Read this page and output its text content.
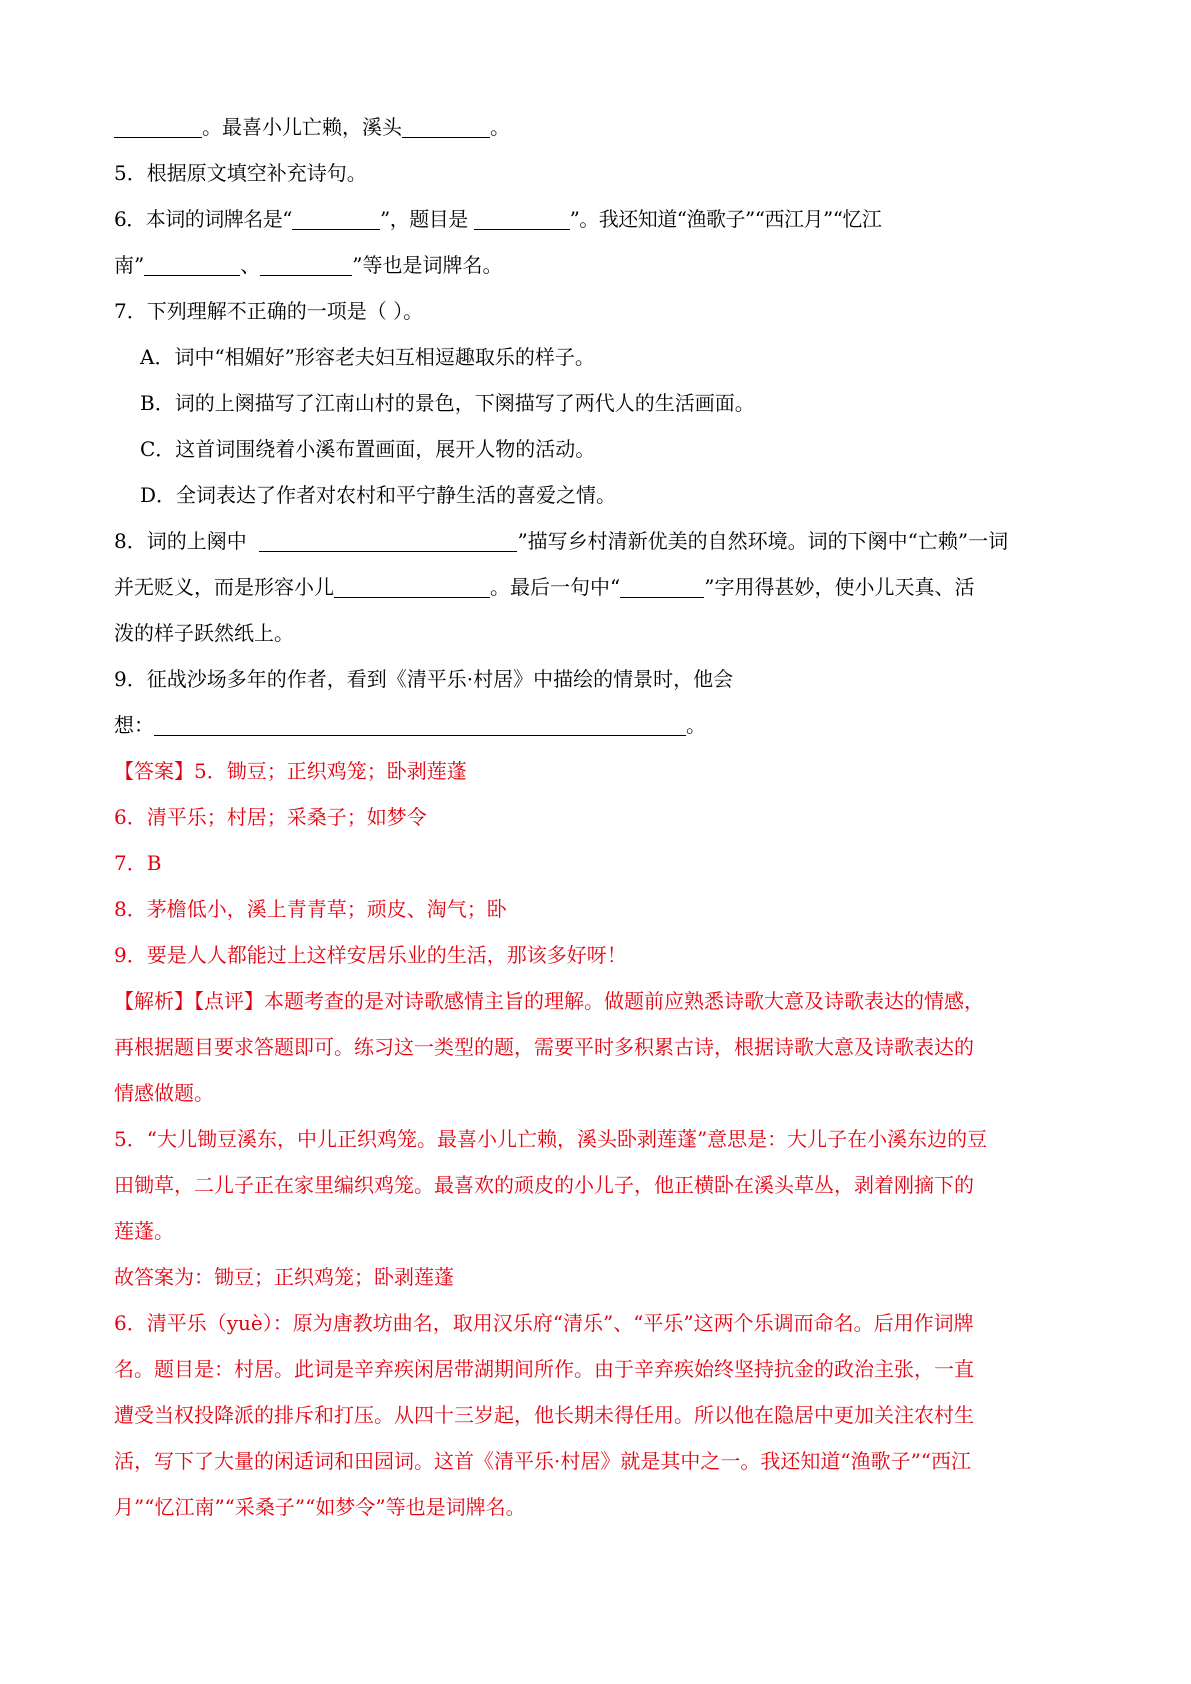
。最喜小儿亡赖，溪头	。
5．根据原文填空补充诗句。
6．本词的词牌名是“	”，题目是	”。我还知道“渔歌子”“西江月”“忆江
南”	、	”等也是词牌名。
7．下列理解不正确的一项是（ ）。
A．词中“相媚好”形容老夫妇互相逗趣取乐的样子。
B．词的上阕描写了江南山村的景色，下阕描写了两代人的生活画面。
C．这首词围绕着小溪布置画面，展开人物的活动。
D．全词表达了作者对农村和平宁静生活的喜爱之情。
8．词的上阕中	”描写乡村清新优美的自然环境。词的下阕中“亡赖”一词
并无贬义，而是形容小儿	。最后一句中“	”字用得甚妙，使小儿天真、活
泼的样子跃然纸上。
9．征战沙场多年的作者，看到《清平乐·村居》中描绘的情景时，他会
想：	。
【答案】5．锄豆；正织鸡笼；卧剥莲蓬
6．清平乐；村居；采桑子；如梦令
7．B
8．茅檐低小，溪上青青草；顽皮、淘气；卧
9．要是人人都能过上这样安居乐业的生活，那该多好呀！
【解析】【点评】本题考查的是对诗歌感情主旨的理解。做题前应熟悉诗歌大意及诗歌表达的情感，
再根据题目要求答题即可。练习这一类型的题，需要平时多积累古诗，根据诗歌大意及诗歌表达的
情感做题。
5．“大儿锄豆溪东，中儿正织鸡笼。最喜小儿亡赖，溪头卧剥莲蓬”意思是：大儿子在小溪东边的豆
田锄草，二儿子正在家里编织鸡笼。最喜欢的顽皮的小儿子，他正横卧在溪头草丛，剥着刚摘下的
莲蓬。
故答案为：锄豆；正织鸡笼；卧剥莲蓬
6．清平乐（yuè）：原为唐教坊曲名，取用汉乐府“清乐”、“平乐”这两个乐调而命名。后用作词牌
名。题目是：村居。此词是辛弃疾闲居带湖期间所作。由于辛弃疾始终坚持抗金的政治主张，一直
遭受当权投降派的排斥和打压。从四十三岁起，他长期未得任用。所以他在隐居中更加关注农村生
活，写下了大量的闲适词和田园词。这首《清平乐·村居》就是其中之一。我还知道“渔歌子”“西江
月”“忆江南”“采桑子”“如梦令”等也是词牌名。
